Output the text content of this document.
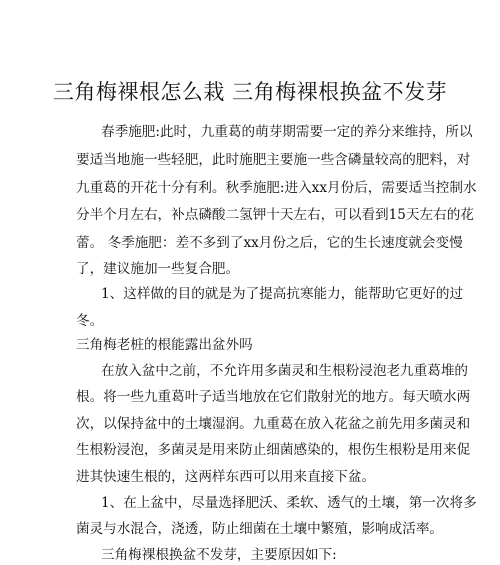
三角梅裸根怎么栽 三角梅裸根换盆不发芽
春季施肥:此时，九重葛的萌芽期需要一定的养分来维持，所以
要适当地施一些轻肥，此时施肥主要施一些含磷量较高的肥料，对
九重葛的开花十分有利。秋季施肥:进入xx月份后，需要适当控制水
分半个月左右，补点磷酸二氢钾十天左右，可以看到15天左右的花
蕾。 冬季施肥：差不多到了xx月份之后，它的生长速度就会变慢
了，建议施加一些复合肥。
1、这样做的目的就是为了提高抗寒能力，能帮助它更好的过
冬。
三角梅老桩的根能露出盆外吗
在放入盆中之前，不允许用多菌灵和生根粉浸泡老九重葛堆的
根。将一些九重葛叶子适当地放在它们散射光的地方。每天喷水两
次，以保持盆中的土壤湿润。九重葛在放入花盆之前先用多菌灵和
生根粉浸泡，多菌灵是用来防止细菌感染的，根伤生根粉是用来促
进其快速生根的，这两样东西可以用来直接下盆。
1、在上盆中，尽量选择肥沃、柔软、透气的土壤，第一次将多
菌灵与水混合，浇透，防止细菌在土壤中繁殖，影响成活率。
三角梅裸根换盆不发芽，主要原因如下:
